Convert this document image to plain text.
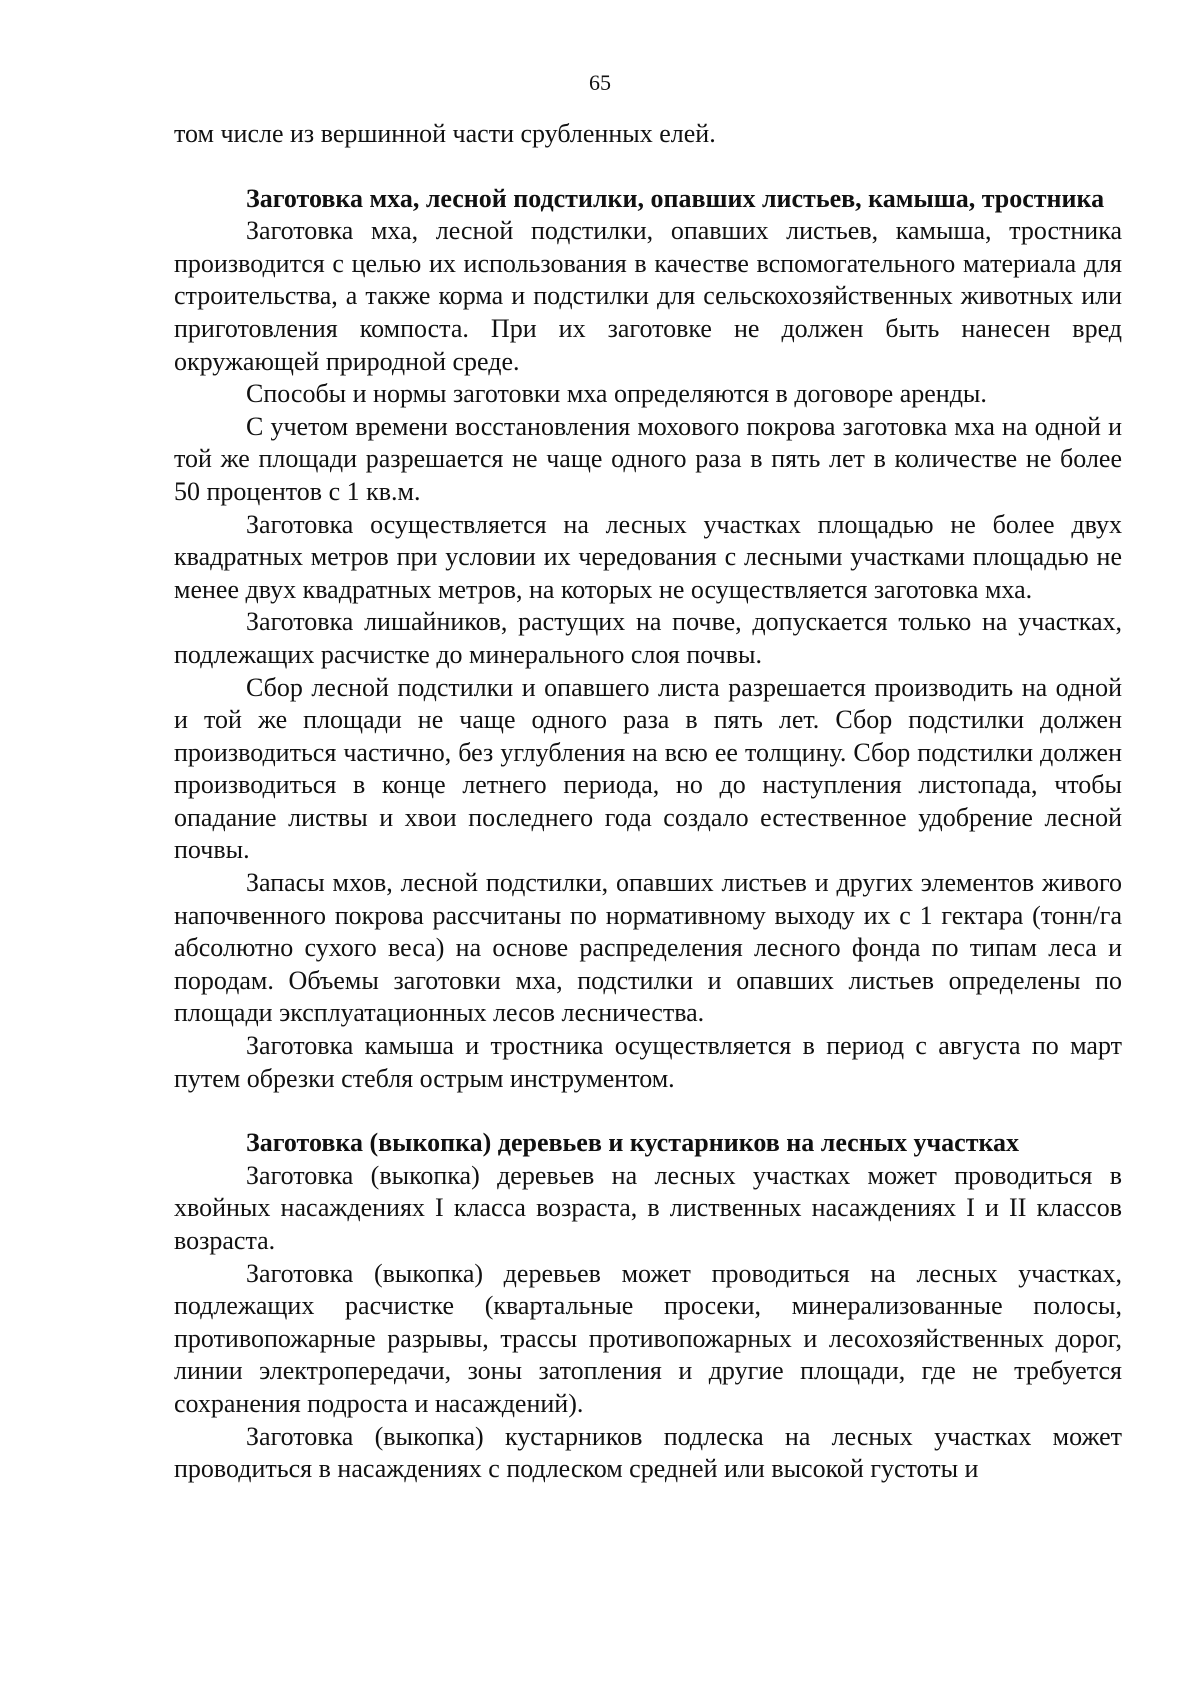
65

том числе из вершинной части срубленных елей.

Заготовка мха, лесной подстилки, опавших листьев, камыша, тростника

Заготовка мха, лесной подстилки, опавших листьев, камыша, тростника производится с целью их использования в качестве вспомогательного материала для строительства, а также корма и подстилки для сельскохозяйственных животных или приготовления компоста. При их заготовке не должен быть нанесен вред окружающей природной среде.

Способы и нормы заготовки мха определяются в договоре аренды.

С учетом времени восстановления мохового покрова заготовка мха на одной и той же площади разрешается не чаще одного раза в пять лет в количестве не более 50 процентов с 1 кв.м.

Заготовка осуществляется на лесных участках площадью не более двух квадратных метров при условии их чередования с лесными участками площадью не менее двух квадратных метров, на которых не осуществляется заготовка мха.

Заготовка лишайников, растущих на почве, допускается только на участках, подлежащих расчистке до минерального слоя почвы.

Сбор лесной подстилки и опавшего листа разрешается производить на одной и той же площади не чаще одного раза в пять лет. Сбор подстилки должен производиться частично, без углубления на всю ее толщину. Сбор подстилки должен производиться в конце летнего периода, но до наступления листопада, чтобы опадание листвы и хвои последнего года создало естественное удобрение лесной почвы.

Запасы мхов, лесной подстилки, опавших листьев и других элементов живого напочвенного покрова рассчитаны по нормативному выходу их с 1 гектара (тонн/га абсолютно сухого веса) на основе распределения лесного фонда по типам леса и породам. Объемы заготовки мха, подстилки и опавших листьев определены по площади эксплуатационных лесов лесничества.

Заготовка камыша и тростника осуществляется в период с августа по март путем обрезки стебля острым инструментом.

Заготовка (выкопка) деревьев и кустарников на лесных участках

Заготовка (выкопка) деревьев на лесных участках может проводиться в хвойных насаждениях I класса возраста, в лиственных насаждениях I и II классов возраста.

Заготовка (выкопка) деревьев может проводиться на лесных участках, подлежащих расчистке (квартальные просеки, минерализованные полосы, противопожарные разрывы, трассы противопожарных и лесохозяйственных дорог, линии электропередачи, зоны затопления и другие площади, где не требуется сохранения подроста и насаждений).

Заготовка (выкопка) кустарников подлеска на лесных участках может проводиться в насаждениях с подлеском средней или высокой густоты и
